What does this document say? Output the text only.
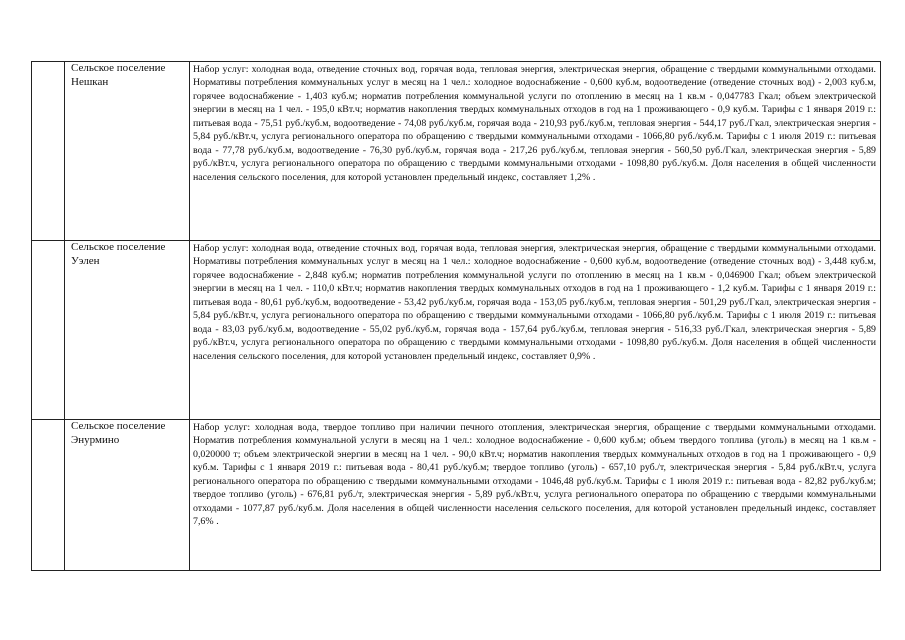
	Сельское поселение
Нешкан	Набор услуг: холодная вода, отведение сточных вод, горячая вода, тепловая энергия, электрическая энергия, обращение с твердыми коммунальными отходами. Нормативы потребления коммунальных услуг в месяц на 1 чел.: холодное водоснабжение - 0,600 куб.м, водоотведение (отведение сточных вод) - 2,003 куб.м, горячее водоснабжение - 1,403 куб.м; норматив потребления коммунальной услуги по отоплению в месяц на 1 кв.м - 0,047783 Гкал; объем электрической энергии в месяц на 1 чел. - 195,0 кВт.ч; норматив накопления твердых коммунальных отходов в год на 1 проживающего - 0,9 куб.м. Тарифы с 1 января 2019 г.: питьевая вода - 75,51 руб./куб.м, водоотведение - 74,08 руб./куб.м, горячая вода - 210,93 руб./куб.м, тепловая энергия - 544,17 руб./Гкал, электрическая энергия - 5,84 руб./кВт.ч, услуга регионального оператора по обращению с твердыми коммунальными отходами - 1066,80 руб./куб.м. Тарифы с 1 июля 2019 г.: питьевая вода - 77,78 руб./куб.м, водоотведение - 76,30 руб./куб.м, горячая вода - 217,26 руб./куб.м, тепловая энергия - 560,50 руб./Гкал, электрическая энергия - 5,89 руб./кВт.ч, услуга регионального оператора по обращению с твердыми коммунальными отходами - 1098,80 руб./куб.м. Доля населения в общей численности населения сельского поселения, для которой установлен предельный индекс, составляет 1,2% .

	Сельское поселение
Уэлен	Набор услуг: холодная вода, отведение сточных вод, горячая вода, тепловая энергия, электрическая энергия, обращение с твердыми коммунальными отходами. Нормативы потребления коммунальных услуг в месяц на 1 чел.: холодное водоснабжение - 0,600 куб.м, водоотведение (отведение сточных вод) - 3,448 куб.м, горячее водоснабжение - 2,848 куб.м; норматив потребления коммунальной услуги по отоплению в месяц на 1 кв.м - 0,046900 Гкал; объем электрической энергии в месяц на 1 чел. - 110,0 кВт.ч; норматив накопления твердых коммунальных отходов в год на 1 проживающего - 1,2 куб.м. Тарифы с 1 января 2019 г.: питьевая вода - 80,61 руб./куб.м, водоотведение - 53,42 руб./куб.м, горячая вода - 153,05 руб./куб.м, тепловая энергия - 501,29 руб./Гкал, электрическая энергия - 5,84 руб./кВт.ч, услуга регионального оператора по обращению с твердыми коммунальными отходами - 1066,80 руб./куб.м. Тарифы с 1 июля 2019 г.: питьевая вода - 83,03 руб./куб.м, водоотведение - 55,02 руб./куб.м, горячая вода - 157,64 руб./куб.м, тепловая энергия - 516,33 руб./Гкал, электрическая энергия - 5,89 руб./кВт.ч, услуга регионального оператора по обращению с твердыми коммунальными отходами - 1098,80 руб./куб.м. Доля населения в общей численности населения сельского поселения, для которой установлен предельный индекс, составляет 0,9% .

	Сельское поселение
Энурмино	Набор услуг: холодная вода, твердое топливо при наличии печного отопления, электрическая энергия, обращение с твердыми коммунальными отходами. Норматив потребления коммунальной услуги в месяц на 1 чел.: холодное водоснабжение - 0,600 куб.м; объем твердого топлива (уголь) в месяц на 1 кв.м - 0,020000 т; объем электрической энергии в месяц на 1 чел. - 90,0 кВт.ч; норматив накопления твердых коммунальных отходов в год на 1 проживающего - 0,9 куб.м. Тарифы с 1 января 2019 г.: питьевая вода - 80,41 руб./куб.м; твердое топливо (уголь) - 657,10 руб./т, электрическая энергия - 5,84 руб./кВт.ч, услуга регионального оператора по обращению с твердыми коммунальными отходами - 1046,48 руб./куб.м. Тарифы с 1 июля 2019 г.: питьевая вода - 82,82 руб./куб.м; твердое топливо (уголь) - 676,81 руб./т, электрическая энергия - 5,89 руб./кВт.ч, услуга регионального оператора по обращению с твердыми коммунальными отходами - 1077,87 руб./куб.м. Доля населения в общей численности населения сельского поселения, для которой установлен предельный индекс, составляет 7,6% .
